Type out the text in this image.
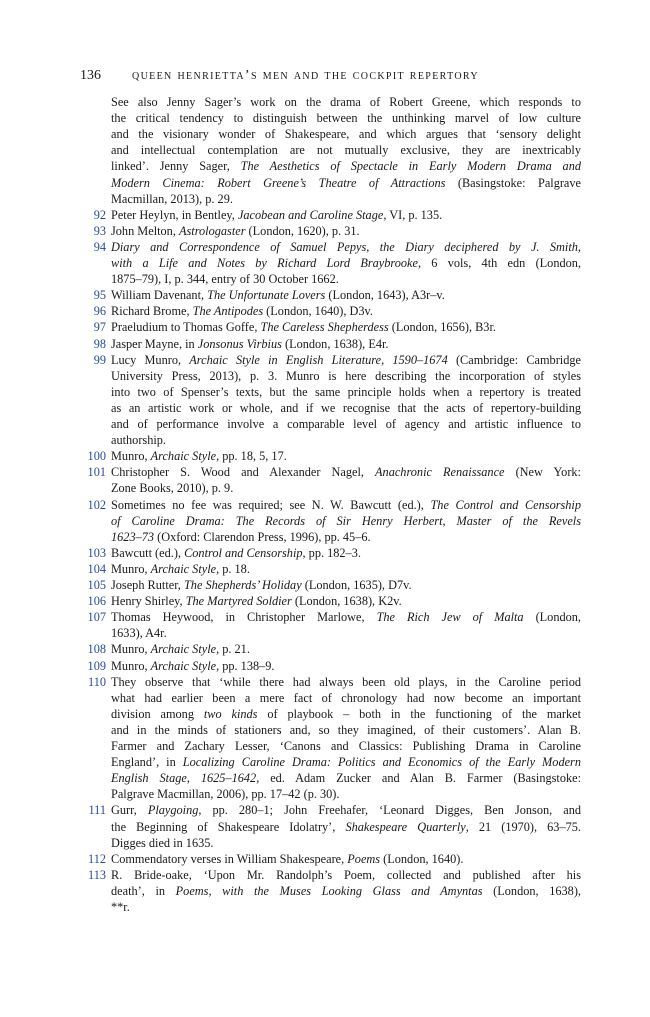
136 queen henrietta’s men and the cockpit repertory
See also Jenny Sager’s work on the drama of Robert Greene, which responds to
the critical tendency to distinguish between the unthinking marvel of low culture
and the visionary wonder of Shakespeare, and which argues that ‘sensory delight
and intellectual contemplation are not mutually exclusive, they are inextricably
linked’. Jenny Sager, The Aesthetics of Spectacle in Early Modern Drama and
Modern Cinema: Robert Greene’s Theatre of Attractions (Basingstoke: Palgrave
Macmillan, 2013), p. 29.
92 Peter Heylyn, in Bentley, Jacobean and Caroline Stage, VI, p. 135.
93 John Melton, Astrologaster (London, 1620), p. 31.
94 Diary and Correspondence of Samuel Pepys, the Diary deciphered by J. Smith,
with a Life and Notes by Richard Lord Braybrooke, 6 vols, 4th edn (London,
1875–79), I, p. 344, entry of 30 October 1662.
95 William Davenant, The Unfortunate Lovers (London, 1643), A3r–v.
96 Richard Brome, The Antipodes (London, 1640), D3v.
97 Praeludium to Thomas Goffe, The Careless Shepherdess (London, 1656), B3r.
98 Jasper Mayne, in Jonsonus Virbius (London, 1638), E4r.
99 Lucy Munro, Archaic Style in English Literature, 1590–1674 (Cambridge: Cambridge
University Press, 2013), p. 3. Munro is here describing the incorporation of styles
into two of Spenser’s texts, but the same principle holds when a repertory is treated
as an artistic work or whole, and if we recognise that the acts of repertory-building
and of performance involve a comparable level of agency and artistic influence to
authorship.
100 Munro, Archaic Style, pp. 18, 5, 17.
101 Christopher S. Wood and Alexander Nagel, Anachronic Renaissance (New York:
Zone Books, 2010), p. 9.
102 Sometimes no fee was required; see N. W. Bawcutt (ed.), The Control and Censorship
of Caroline Drama: The Records of Sir Henry Herbert, Master of the Revels
1623–73 (Oxford: Clarendon Press, 1996), pp. 45–6.
103 Bawcutt (ed.), Control and Censorship, pp. 182–3.
104 Munro, Archaic Style, p. 18.
105 Joseph Rutter, The Shepherds’ Holiday (London, 1635), D7v.
106 Henry Shirley, The Martyred Soldier (London, 1638), K2v.
107 Thomas Heywood, in Christopher Marlowe, The Rich Jew of Malta (London,
1633), A4r.
108 Munro, Archaic Style, p. 21.
109 Munro, Archaic Style, pp. 138–9.
110 They observe that ‘while there had always been old plays, in the Caroline period
what had earlier been a mere fact of chronology had now become an important
division among two kinds of playbook – both in the functioning of the market
and in the minds of stationers and, so they imagined, of their customers’. Alan B.
Farmer and Zachary Lesser, ‘Canons and Classics: Publishing Drama in Caroline
England’, in Localizing Caroline Drama: Politics and Economics of the Early Modern
English Stage, 1625–1642, ed. Adam Zucker and Alan B. Farmer (Basingstoke:
Palgrave Macmillan, 2006), pp. 17–42 (p. 30).
111 Gurr, Playgoing, pp. 280–1; John Freehafer, ‘Leonard Digges, Ben Jonson, and
the Beginning of Shakespeare Idolatry’, Shakespeare Quarterly, 21 (1970), 63–75.
Digges died in 1635.
112 Commendatory verses in William Shakespeare, Poems (London, 1640).
113 R. Bride-oake, ‘Upon Mr. Randolph’s Poem, collected and published after his
death’, in Poems, with the Muses Looking Glass and Amyntas (London, 1638),
**r.
